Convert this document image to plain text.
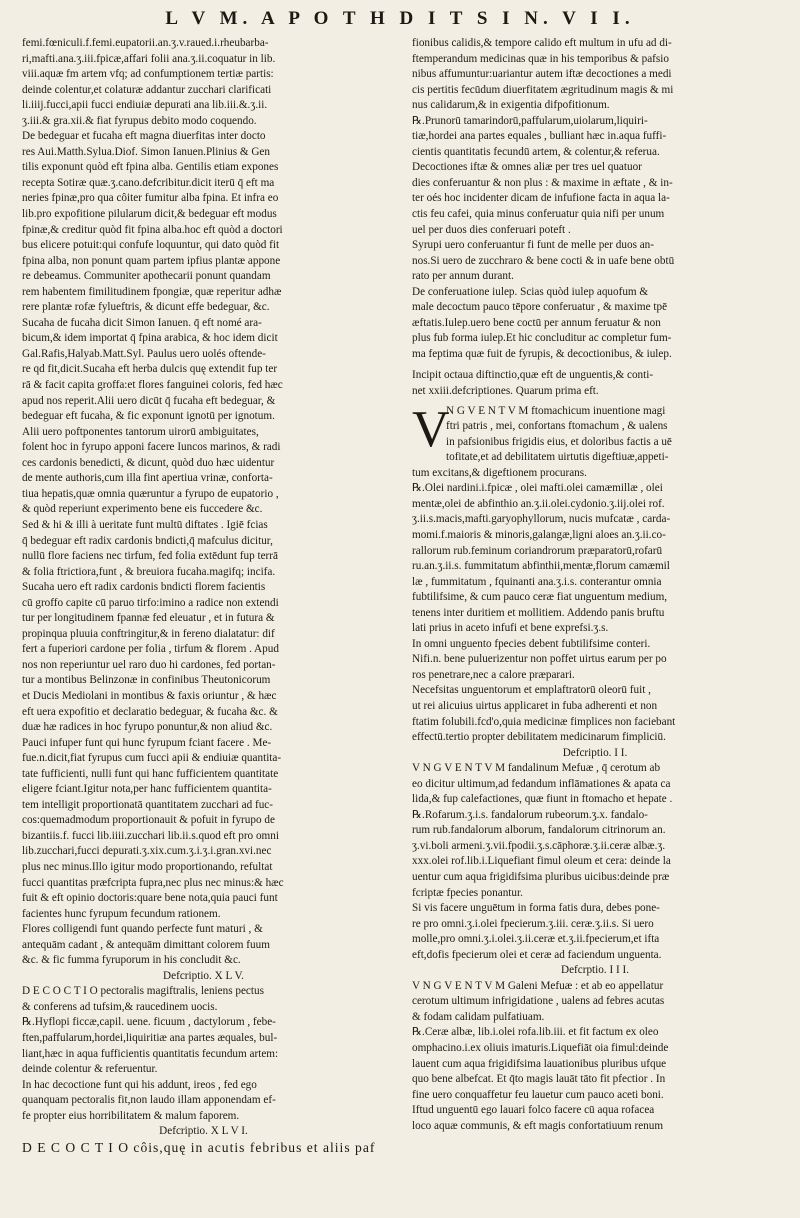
L V M. A P O T H D I T S I N. V I I.
femi.fœniculi.f.femi.eupatorii.an.ʒ.v.raued.i.rheubarba-
ri,mafti.ana.ʒ.iii.fpicæ,affari folii ana.ʒ.ii.coquatur in lib.
viii.aquæ fm artem vfq; ad confumptionem tertiæ partis:
deinde colentur,et colaturæ addantur zucchari clarificati
li.iiij.fucci,apii fucci endiuiæ depurati ana lib.iii.&.ʒ.ii.
ʒ.iii.& gra.xii.& fiat fyrupus debito modo coquendo.
De bedeguar et fucaha eft magna diuerfitas inter docto
res Aui.Matth.Sylua.Diof. Simon Ianuen.Plinius & Gen
tilis exponunt quòd eft fpina alba. Gentilis etiam expones
recepta Sotiræ quæ.ʒ.cano.defcribitur.dicit iterū q̄ eft ma
neries fpinæ,pro qua côiter fumitur alba fpina. Et infra eo
lib.pro expofitione pilularum dicit,& bedeguar eft modus
fpinæ,& creditur quòd fit fpina alba.hoc eft quòd a doctori
bus elicere potuit:qui confufe loquuntur, qui dato quòd fit
fpina alba, non ponunt quam partem ipfius plantæ appone
re debeamus. Communiter apothecarii ponunt quandam
rem habentem fimilitudinem fpongiæ, quæ reperitur adhæ
rere plantæ rofæ fylueftris, & dicunt effe bedeguar, &c.
Sucaha de fucaha dicit Simon Ianuen. q̄ eft nomé ara-
bicum,& idem importat q̄ fpina arabica, & hoc idem dicit
Gal.Rafis,Halyab.Matt.Syl. Paulus uero uolés oftende-
re qd fit,dicit.Sucaha eft herba dulcis quę extendit fup ter
rā & facit capita groffa:et flores fanguinei coloris, fed hæc
apud nos reperit.Alii uero dicūt q̄ fucaha eft bedeguar, &
bedeguar eft fucaha, & fic exponunt ignotū per ignotum.
Alii uero poftponentes tantorum uirorū ambiguitates,
folent hoc in fyrupo apponi facere Iuncos marinos, & radi
ces cardonis benedicti, & dicunt, quòd duo hæc uidentur
de mente authoris,cum illa fint apertiua vrinæ, conforta-
tiua hepatis,quæ omnia quæruntur a fyrupo de eupatorio ,
& quòd reperiunt experimento bene eis fuccedere &c.
Sed & hi & illi à ueritate funt multū diftates . Igiē fcias
q̄ bedeguar eft radix cardonis bndicti,q̄ mafculus dicitur,
nullū flore faciens nec tirfum, fed folia extēdunt fup terrā
& folia ftrictiora,funt , & breuiora fucaha.magifq; incifa.
Sucaha uero eft radix cardonis bndicti florem facientis
cū groffo capite cū paruo tirfo:imino a radice non extendi
tur per longitudinem fpannæ fed eleuatur , et in futura &
propinqua pluuia conftringitur,& in fereno dialatatur: dif
fert a fuperiori cardone per folia , tirfum & florem . Apud
nos non reperiuntur uel raro duo hi cardones, fed portan-
tur a montibus Belinzonæ in confinibus Theutonicorum
et Ducis Mediolani in montibus & faxis oriuntur , & hæc
eft uera expofitio et declaratio bedeguar, & fucaha &c. &
duæ hæ radices in hoc fyrupo ponuntur,& non aliud &c.
Pauci infuper funt qui hunc fyrupum fciant facere . Me-
fue.n.dicit,fiat fyrupus cum fucci apii & endiuiæ quantita-
tate fufficienti, nulli funt qui hanc fufficientem quantitate
eligere fciant.Igitur nota,per hanc fufficientem quantita-
tem intelligit proportionatā quantitatem zucchari ad fuc-
cos:quemadmodum proportionauit & pofuit in fyrupo de
bizantiis.f. fucci lib.iiii.zucchari lib.ii.s.quod eft pro omni
lib.zucchari,fucci depurati.ʒ.xix.cum.ʒ.i.ʒ.i.gran.xvi.nec
plus nec minus.Illo igitur modo proportionando, refultat
fucci quantitas præfcripta fupra,nec plus nec minus:& hæc
fuit & eft opinio doctoris:quare bene nota,quia pauci funt
facientes hunc fyrupum fecundum rationem.
Flores colligendi funt quando perfecte funt maturi , &
antequām cadant , & antequām dimittant colorem fuum
&c. & fic fumma fyruporum in his concludit &c.
Defcriptio. X L V.
D E C O C T I O pectoralis magiftralis, leniens pectus
& conferens ad tufsim,& raucedinem uocis.
℞.Hyflopi ficcæ,capil. uene. ficuum , dactylorum , febe-
ften,paffularum,hordei,liquiritiæ ana partes æquales, bul-
liant,hæc in aqua fufficientis quantitatis fecundum artem:
deinde colentur & referuentur.
In hac decoctione funt qui his addunt, ireos , fed ego
quanquam pectoralis fit,non laudo illam apponendam ef-
fe propter eius horribilitatem & malum faporem.
Defcriptio. X L V I.
D E C O C T I O côis,quę in acutis febribus et aliis paf
fionibus calidis,& tempore calido eft multum in ufu ad di-
ftemperandum medicinas quæ in his temporibus & pafsio
nibus affumuntur:uariantur autem iftæ decoctiones a medi
cis pertitis fecūdum diuerfitatem ægritudinum magis & mi
nus calidarum,& in exigentia difpofitionum.
℞.Prunorū tamarindorū,paffularum,uiolarum,liquiri-
tiæ,hordei ana partes equales , bulliant hæc in.aqua fuffi-
cientis quantitatis fecundū artem, & colentur,& referua.
Decoctiones iftæ & omnes aliæ per tres uel quatuor
dies conferuantur & non plus : & maxime in æftate , & in-
ter oés hoc incidenter dicam de infufione facta in aqua la-
ctis feu cafei, quia minus conferuatur quia nifi per unum
uel per duos dies conferuari poteft .
Syrupi uero conferuantur fi funt de melle per duos an-
nos.Si uero de zucchraro & bene cocti & in uafe bene obtū
rato per annum durant.
De conferuatione iulep. Scias quòd iulep aquofum &
male decoctum pauco tēpore conferuatur , & maxime tpē
æftatis.Iulep.uero bene coctū per annum feruatur & non
plus fub forma iulep.Et hic concluditur ac completur fum-
ma feptima quæ fuit de fyrupis, & decoctionibus, & iulep.
Incipit octaua diftinctio,quæ eft de unguentis,& conti-
net xxiii.defcriptiones. Quarum prima eft.
V
N G V E N T V M ftomachicum inuentione magi
ftri patris , mei, confortans ftomachum , & ualens
in pafsionibus frigidis eius, et doloribus factis a uē
tofitate,et ad debilitatem uirtutis digeftiuæ,appeti-
tum excitans,& digeftionem procurans.
℞.Olei nardini.i.fpicæ , olei mafti.olei camæmillæ , olei
mentæ,olei de abfinthio an.ʒ.ii.olei.cydonio.ʒ.iij.olei rof.
ʒ.ii.s.macis,mafti.garyophyllorum, nucis mufcatæ , carda-
momi.f.maioris & minoris,galangæ,ligni aloes an.ʒ.ii.co-
rallorum rub.feminum coriandrorum præparatorū,rofarū
ru.an.ʒ.ii.s. fummitatum abfinthii,mentæ,florum camæmil
læ , fummitatum , fquinanti ana.ʒ.i.s. conterantur omnia
fubtilifsime, & cum pauco ceræ fiat unguentum medium,
tenens inter duritiem et mollitiem. Addendo panis bruftu
lati prius in aceto infufi et bene exprefsi.ʒ.s.
In omni unguento fpecies debent fubtilifsime conteri.
Nifi.n. bene puluerizentur non poffet uirtus earum per po
ros penetrare,nec a calore præparari.
Necefsitas unguentorum et emplaftratorū oleorū fuit ,
ut rei alicuius uirtus applicaret in fuba adherenti et non
ftatim folubili.fcd'o,quia medicinæ fimplices non faciebant
effectū.tertio propter debilitatem medicinarum fimpliciū.
Defcriptio. I I.
V N G V E N T V M fandalinum Mefuæ , q̄ cerotum ab
eo dicitur ultimum,ad fedandum inflāmationes & apata ca
lida,& fup calefactiones, quæ fiunt in ftomacho et hepate .
℞.Rofarum.ʒ.i.s. fandalorum rubeorum.ʒ.x. fandalo-
rum rub.fandalorum alborum, fandalorum citrinorum an.
ʒ.vi.boli armeni.ʒ.vii.fpodii.ʒ.s.cāphoræ.ʒ.ii.ceræ albæ.ʒ.
xxx.olei rof.lib.i.Liquefiant fimul oleum et cera: deinde la
uentur cum aqua frigidifsima pluribus uicibus:deinde præ
fcriptæ fpecies ponantur.
Si vis facere unguētum in forma fatis dura, debes pone-
re pro omni.ʒ.i.olei fpecierum.ʒ.iii. ceræ.ʒ.ii.s. Si uero
molle,pro omni.ʒ.i.olei.ʒ.ii.ceræ et.ʒ.ii.fpecierum,et ifta
eft,dofis fpecierum olei et ceræ ad faciendum unguenta.
Defcrptio. I I I.
V N G V E N T V M Galeni Mefuæ : et ab eo appellatur
cerotum ultimum infrigidatione , ualens ad febres acutas
& fodam calidam pulfatiuam.
℞.Ceræ albæ, lib.i.olei rofa.lib.iii. et fit factum ex oleo
omphacino.i.ex oliuis imaturis.Liquefiāt oia fimul:deinde
lauent cum aqua frigidifsima lauationibus pluribus ufque
quo bene albefcat. Et q̄to magis lauāt tāto fit pfectior . In
fine uero conquaffetur feu lauetur cum pauco aceti boni.
Iftud unguentū ego lauari folco facere cū aqua rofacea
loco aquæ communis, & eft magis confortatiuum renum
